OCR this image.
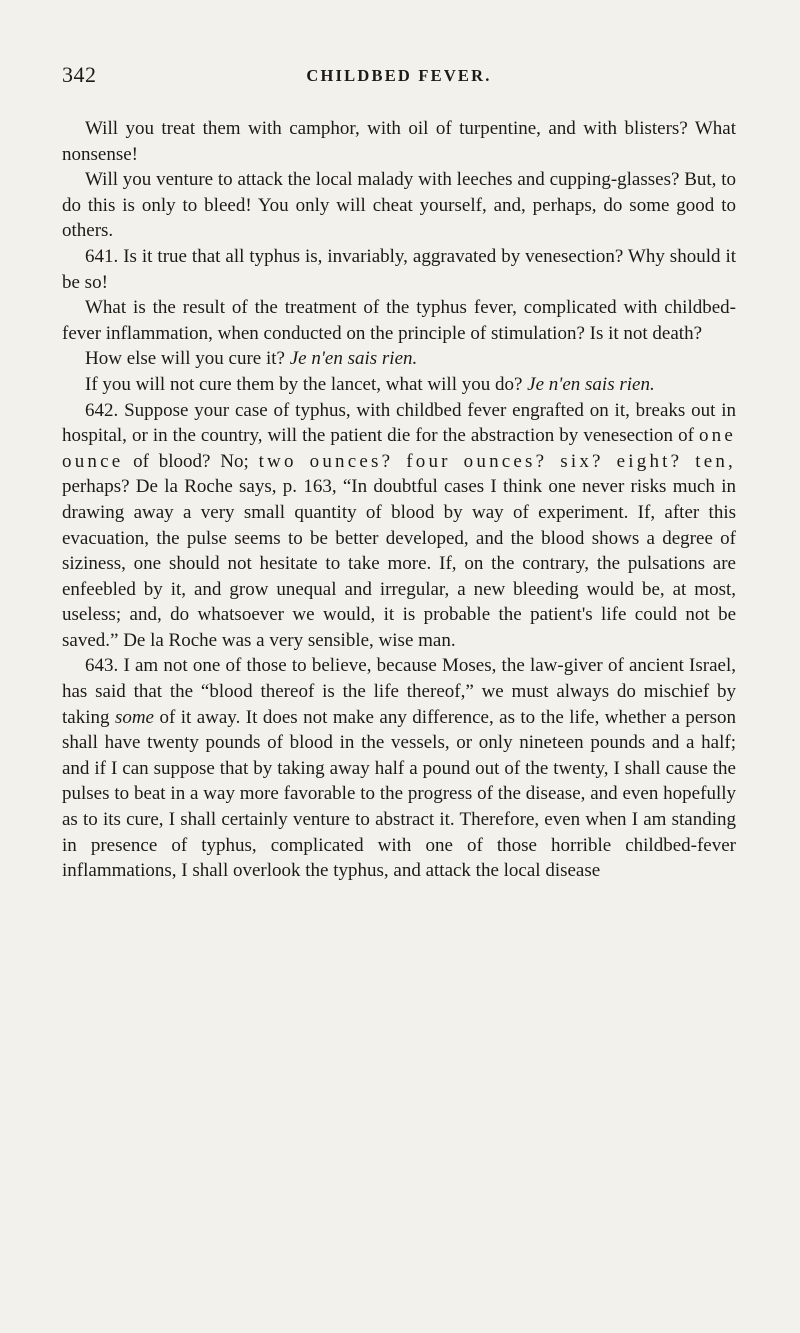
342	CHILDBED FEVER.

Will you treat them with camphor, with oil of turpentine, and with blisters? What nonsense!

Will you venture to attack the local malady with leeches and cupping-glasses? But, to do this is only to bleed! You only will cheat yourself, and, perhaps, do some good to others.

641. Is it true that all typhus is, invariably, aggravated by venesection? Why should it be so!

What is the result of the treatment of the typhus fever, complicated with childbed-fever inflammation, when conducted on the principle of stimulation? Is it not death?

How else will you cure it? Je n'en sais rien.

If you will not cure them by the lancet, what will you do? Je n'en sais rien.

642. Suppose your case of typhus, with childbed fever engrafted on it, breaks out in hospital, or in the country, will the patient die for the abstraction by venesection of one ounce of blood? No; two ounces? four ounces? six? eight? ten, perhaps? De la Roche says, p. 163, “In doubtful cases I think one never risks much in drawing away a very small quantity of blood by way of experiment. If, after this evacuation, the pulse seems to be better developed, and the blood shows a degree of siziness, one should not hesitate to take more. If, on the contrary, the pulsations are enfeebled by it, and grow unequal and irregular, a new bleeding would be, at most, useless; and, do whatsoever we would, it is probable the patient's life could not be saved.” De la Roche was a very sensible, wise man.

643. I am not one of those to believe, because Moses, the law-giver of ancient Israel, has said that the “blood thereof is the life thereof,” we must always do mischief by taking some of it away. It does not make any difference, as to the life, whether a person shall have twenty pounds of blood in the vessels, or only nineteen pounds and a half; and if I can suppose that by taking away half a pound out of the twenty, I shall cause the pulses to beat in a way more favorable to the progress of the disease, and even hopefully as to its cure, I shall certainly venture to abstract it. Therefore, even when I am standing in presence of typhus, complicated with one of those horrible childbed-fever inflammations, I shall overlook the typhus, and attack the local disease
